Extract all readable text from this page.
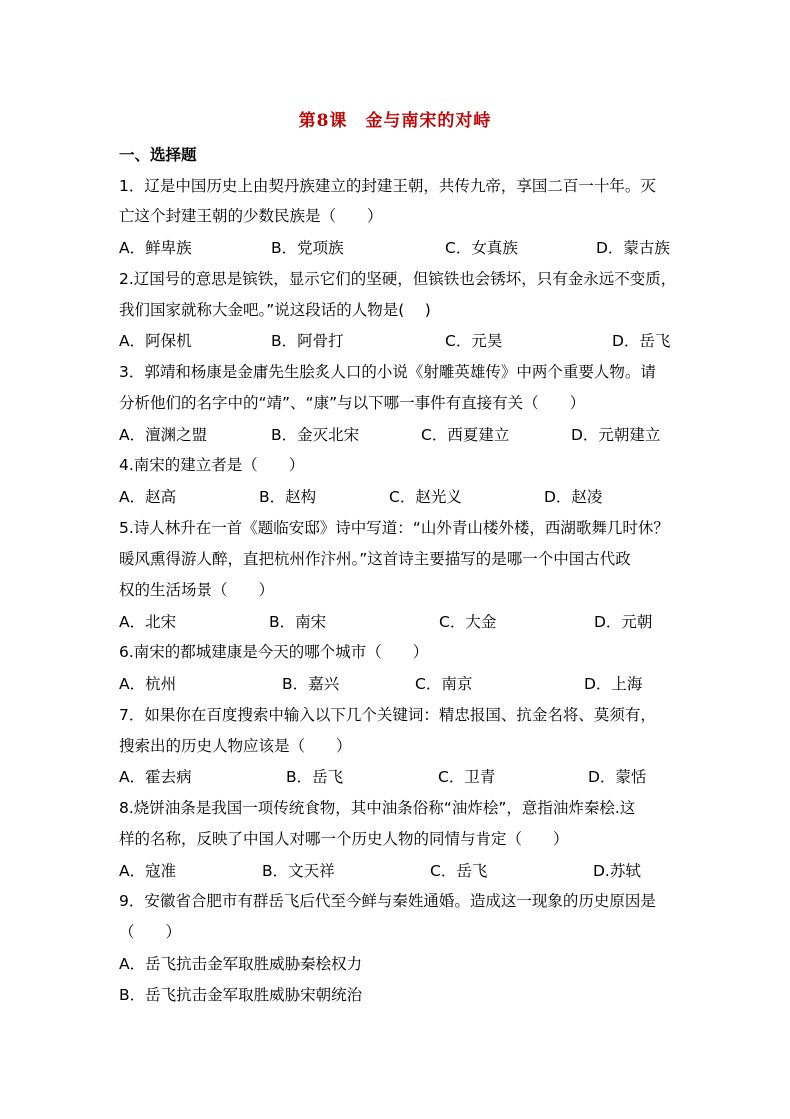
第8课　金与南宋的对峙
一、选择题
1．辽是中国历史上由契丹族建立的封建王朝，共传九帝，享国二百一十年。灭
亡这个封建王朝的少数民族是（　　）
A．鲜卑族	B．党项族	C．女真族	D．蒙古族
2.辽国号的意思是镔铁，显示它们的坚硬，但镔铁也会锈坏，只有金永远不变质，
我们国家就称大金吧。”说这段话的人物是(　 )
A．阿保机	B．阿骨打	C．元昊	D．岳飞
3．郭靖和杨康是金庸先生脍炙人口的小说《射雕英雄传》中两个重要人物。请
分析他们的名字中的“靖”、“康”与以下哪一事件有直接有关（　　）
A．澶渊之盟	B．金灭北宋	C．西夏建立	D．元朝建立
4.南宋的建立者是（　　）
A．赵高	B．赵构	C．赵光义	D．赵凌
5.诗人林升在一首《题临安邸》诗中写道：“山外青山楼外楼，西湖歌舞几时休？
暖风熏得游人醉，直把杭州作汴州。”这首诗主要描写的是哪一个中国古代政
权的生活场景（　　）
A．北宋	B．南宋	C．大金	D．元朝
6.南宋的都城建康是今天的哪个城市（　　）
A．杭州	B．嘉兴	C．南京	D．上海
7．如果你在百度搜索中输入以下几个关键词：精忠报国、抗金名将、莫须有，
搜索出的历史人物应该是（　　）
A．霍去病	B．岳飞	C．卫青	D．蒙恬
8.烧饼油条是我国一项传统食物，其中油条俗称“油炸桧”，意指油炸秦桧.这
样的名称，反映了中国人对哪一个历史人物的同情与肯定（　　）
A．寇准	B．文天祥	C．岳飞	D.苏轼
9．安徽省合肥市有群岳飞后代至今鲜与秦姓通婚。造成这一现象的历史原因是
（　　）
A．岳飞抗击金军取胜威胁秦桧权力
B．岳飞抗击金军取胜威胁宋朝统治
